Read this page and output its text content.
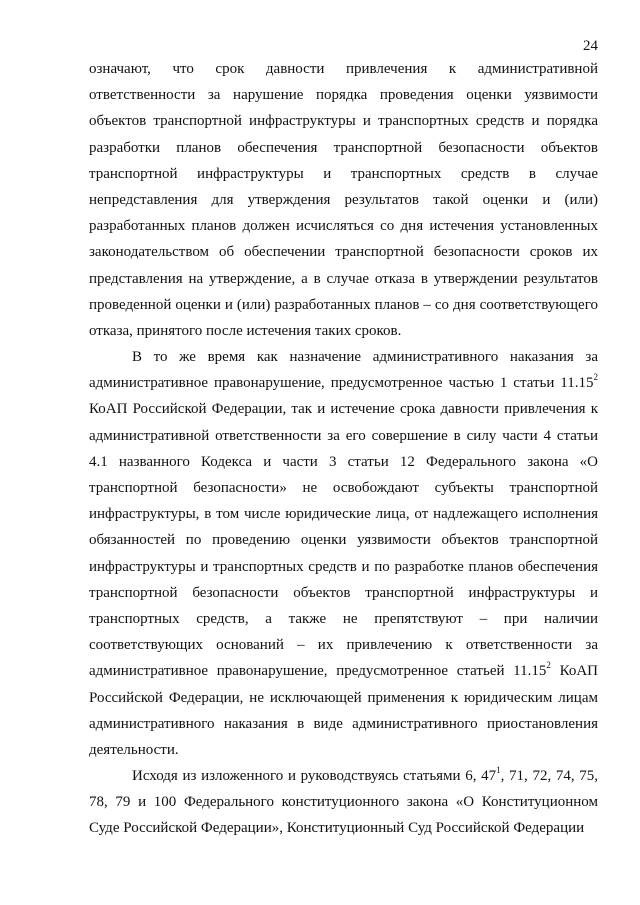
24
означают, что срок давности привлечения к административной
ответственности за нарушение порядка проведения оценки уязвимости
объектов транспортной инфраструктуры и транспортных средств и порядка
разработки планов обеспечения транспортной безопасности объектов
транспортной инфраструктуры и транспортных средств в случае
непредставления для утверждения результатов такой оценки и (или)
разработанных планов должен исчисляться со дня истечения установленных
законодательством об обеспечении транспортной безопасности сроков их
представления на утверждение, а в случае отказа в утверждении результатов
проведенной оценки и (или) разработанных планов – со дня соответствующего
отказа, принятого после истечения таких сроков.
В то же время как назначение административного наказания за
административное правонарушение, предусмотренное частью 1 статьи 11.15$^2$
КоАП Российской Федерации, так и истечение срока давности привлечения к
административной ответственности за его совершение в силу части 4 статьи
4.1 названного Кодекса и части 3 статьи 12 Федерального закона «О
транспортной безопасности» не освобождают субъекты транспортной
инфраструктуры, в том числе юридические лица, от надлежащего исполнения
обязанностей по проведению оценки уязвимости объектов транспортной
инфраструктуры и транспортных средств и по разработке планов обеспечения
транспортной безопасности объектов транспортной инфраструктуры и
транспортных средств, а также не препятствуют – при наличии
соответствующих оснований – их привлечению к ответственности за
административное правонарушение, предусмотренное статьей 11.15$^2$ КоАП
Российской Федерации, не исключающей применения к юридическим лицам
административного наказания в виде административного приостановления
деятельности.
Исходя из изложенного и руководствуясь статьями 6, $47^1$, 71, 72, 74, 75,
78, 79 и 100 Федерального конституционного закона «О Конституционном
Суде Российской Федерации», Конституционный Суд Российской Федерации
